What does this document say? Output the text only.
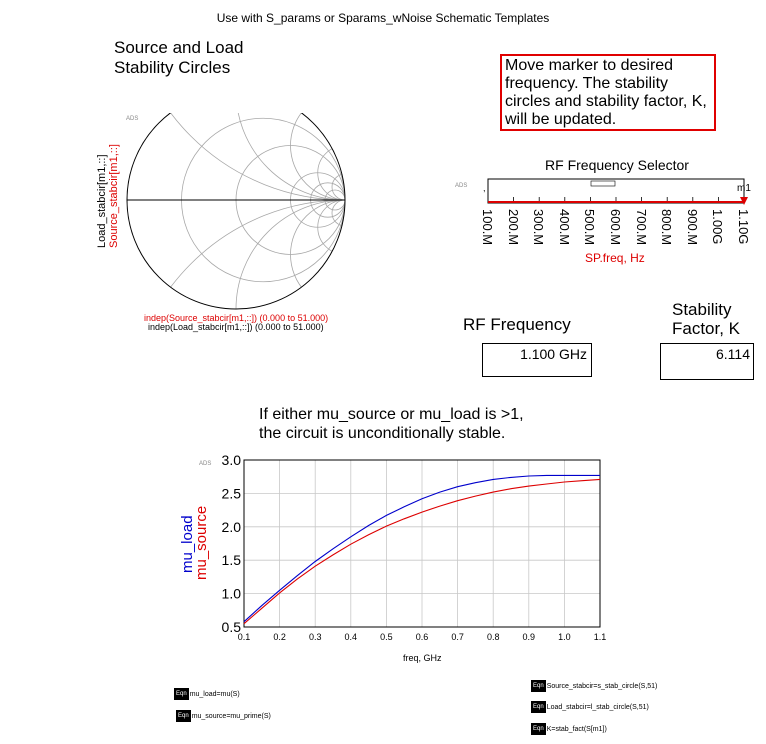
Use with S_params or Sparams_wNoise Schematic Templates
Source and Load
Stability Circles
ADS
Load_stabcir[m1,::] Source_stabcir[m1,::]
indep(Source_stabcir[m1,::]) (0.000 to 51.000)
indep(Load_stabcir[m1,::]) (0.000 to 51.000)
Move marker to desired frequency. The stability circles and stability factor, K, will be updated.
RF Frequency Selector
ADS ,	m1
100.M 200.M 300.M 400.M 500.M 600.M 700.M 800.M 900.M 1.00G 1.10G
SP.freq, Hz
RF Frequency
1.100 GHz
Stability
Factor, K
6.114
If either mu_source or mu_load is >1,
the circuit is unconditionally stable.
ADS
0.1	0.2	0.3	0.4	0.5	0.6	0.7	0.8	0.9	1.0	1.1
0.5
1.0
1.5
2.0
2.5
3.0
mu_load
mu_source
freq, GHz
Eqn mu_load=mu(S)
Eqn mu_source=mu_prime(S)
Eqn Source_stabcir=s_stab_circle(S,51)
Eqn Load_stabcir=l_stab_circle(S,51)
Eqn K=stab_fact(S[m1])
